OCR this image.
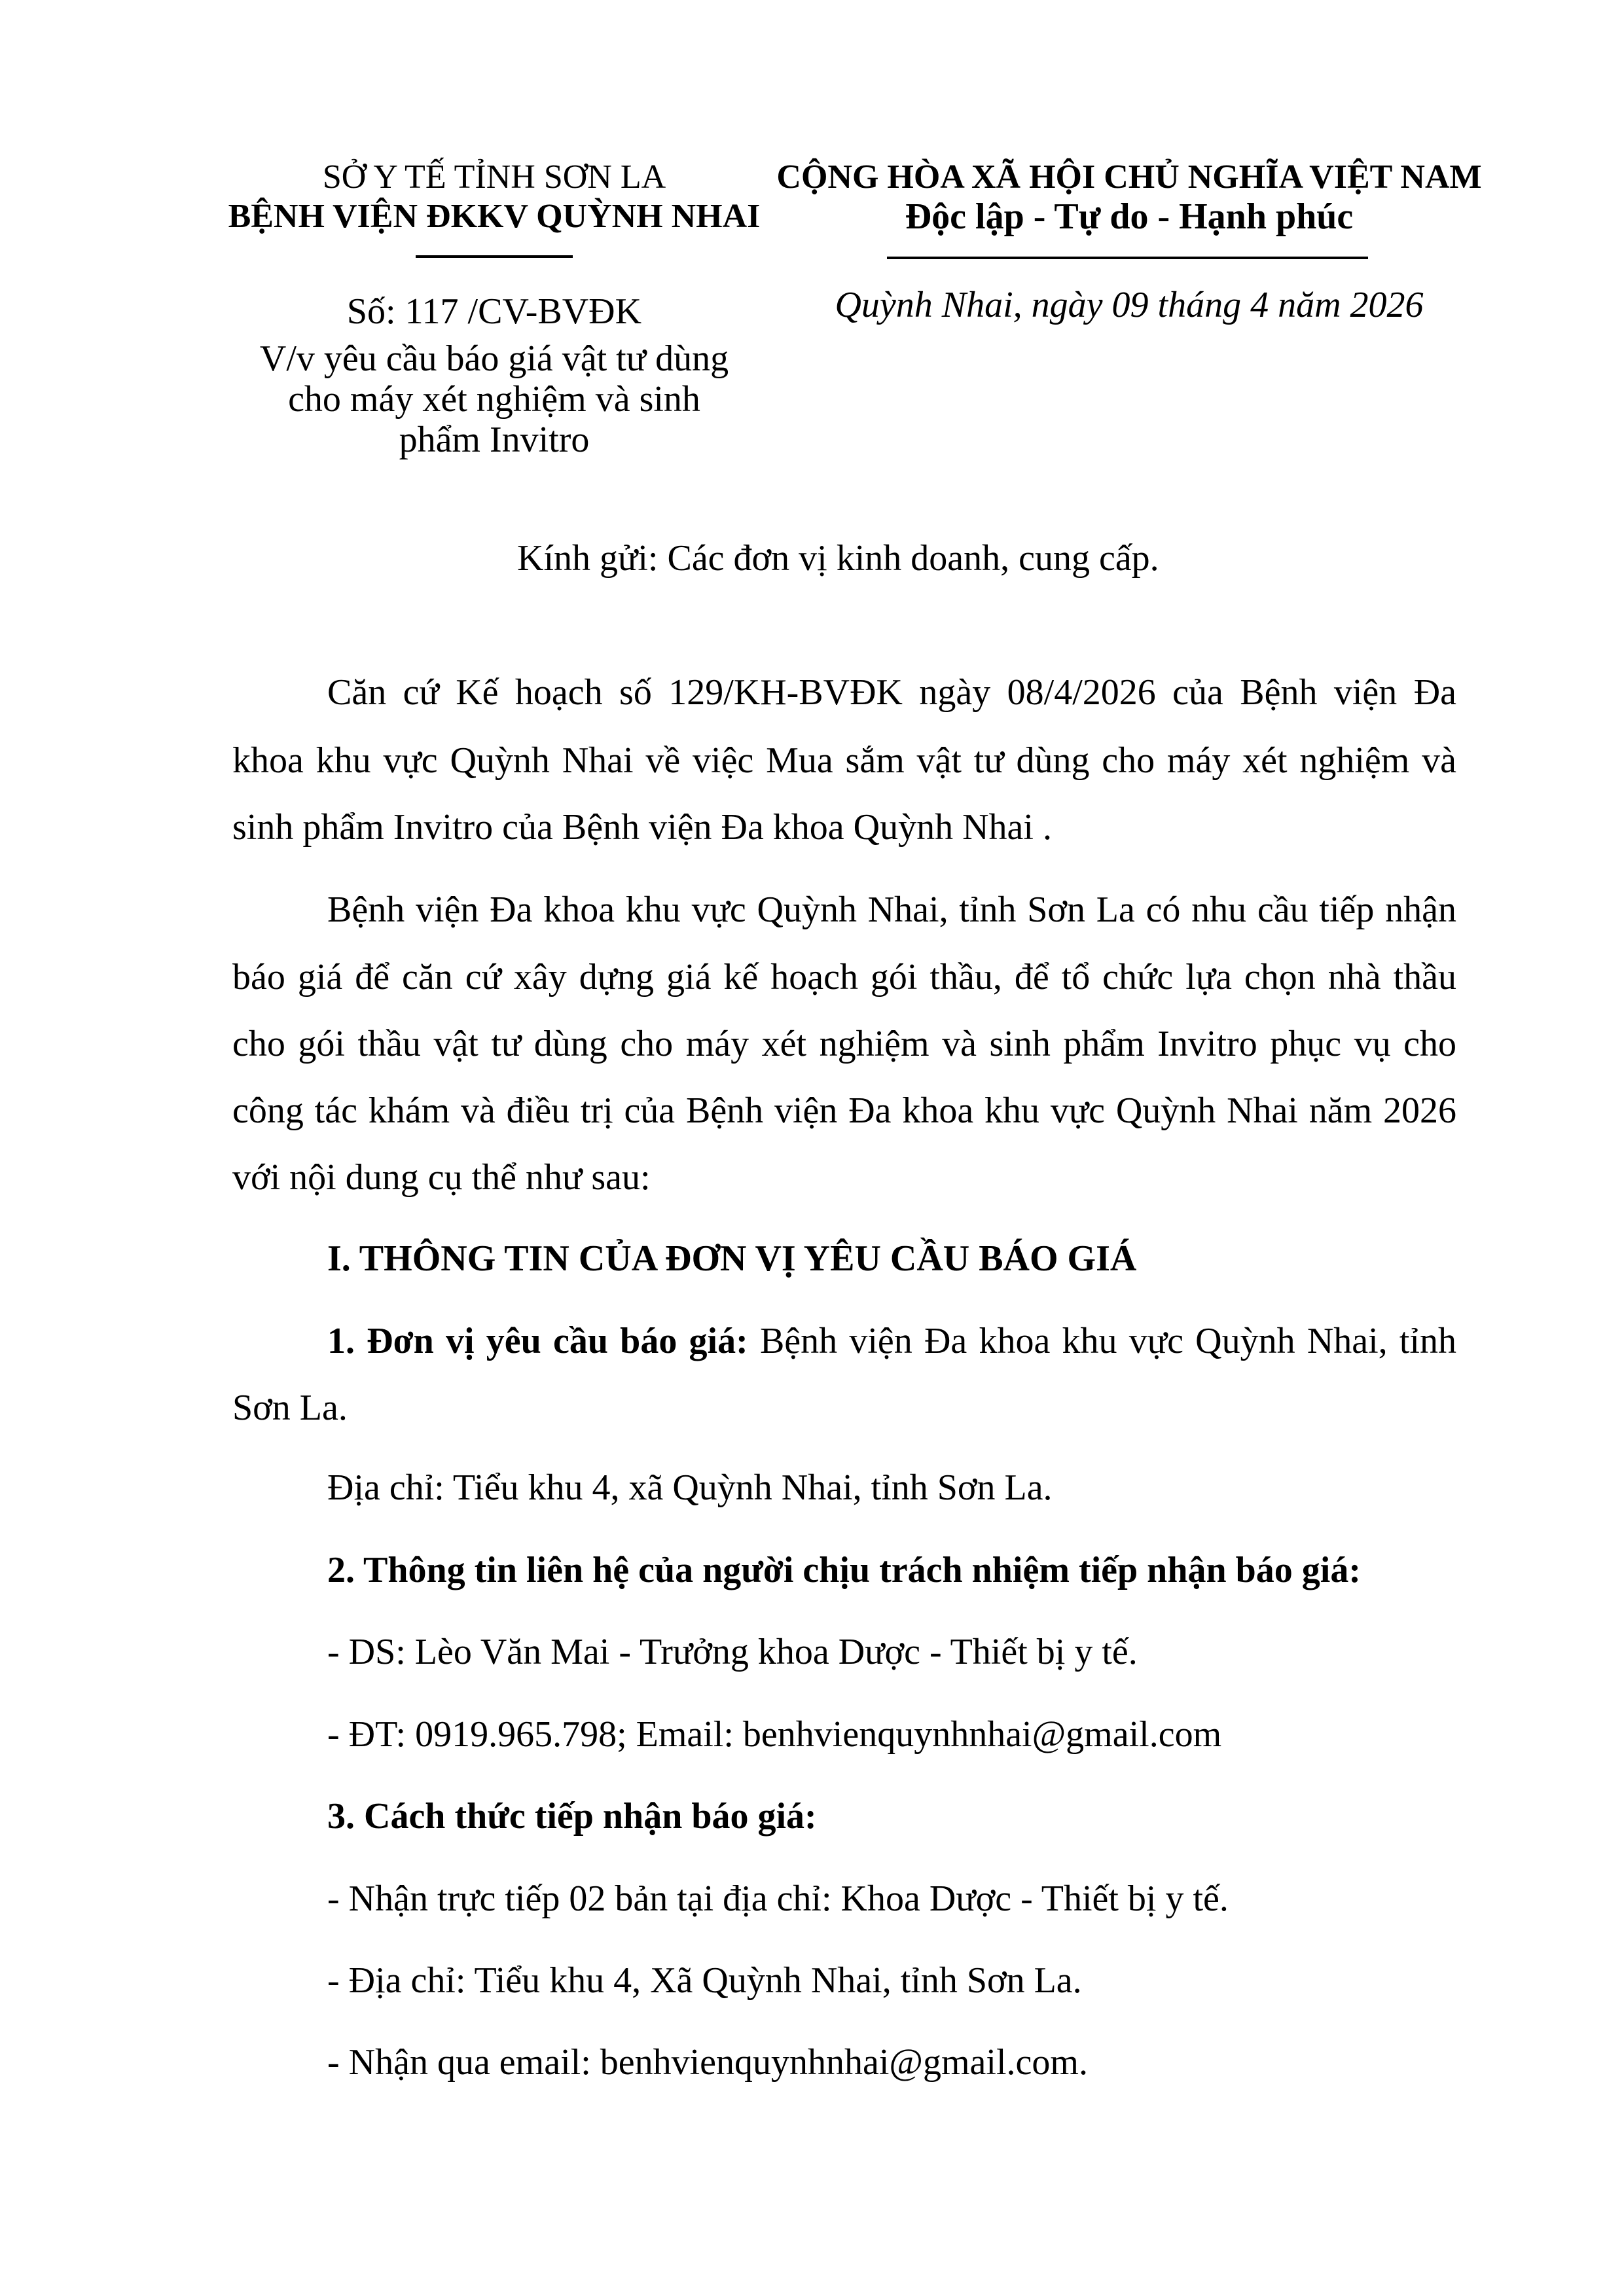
SỞ Y TẾ TỈNH SƠN LA
BỆNH VIỆN ĐKKV QUỲNH NHAI
Số: 117 /CV-BVĐK
V/v yêu cầu báo giá vật tư dùng
cho máy xét nghiệm và sinh
phẩm Invitro
CỘNG HÒA XÃ HỘI CHỦ NGHĨA VIỆT NAM
Độc lập - Tự do - Hạnh phúc
Quỳnh Nhai, ngày 09 tháng 4 năm 2026
Kính gửi: Các đơn vị kinh doanh, cung cấp.
Căn cứ Kế hoạch số 129/KH-BVĐK ngày 08/4/2026 của Bệnh viện Đa
khoa khu vực Quỳnh Nhai về việc Mua sắm vật tư dùng cho máy xét nghiệm và
sinh phẩm Invitro của Bệnh viện Đa khoa Quỳnh Nhai .
Bệnh viện Đa khoa khu vực Quỳnh Nhai, tỉnh Sơn La có nhu cầu tiếp nhận
báo giá để căn cứ xây dựng giá kế hoạch gói thầu, để tổ chức lựa chọn nhà thầu
cho gói thầu vật tư dùng cho máy xét nghiệm và sinh phẩm Invitro phục vụ cho
công tác khám và điều trị của Bệnh viện Đa khoa khu vực Quỳnh Nhai năm 2026
với nội dung cụ thể như sau:
I. THÔNG TIN CỦA ĐƠN VỊ YÊU CẦU BÁO GIÁ
1. Đơn vị yêu cầu báo giá: Bệnh viện Đa khoa khu vực Quỳnh Nhai, tỉnh
Sơn La.
Địa chỉ: Tiểu khu 4, xã Quỳnh Nhai, tỉnh Sơn La.
2. Thông tin liên hệ của người chịu trách nhiệm tiếp nhận báo giá:
- DS: Lèo Văn Mai - Trưởng khoa Dược - Thiết bị y tế.
- ĐT: 0919.965.798; Email: benhvienquynhnhai@gmail.com
3. Cách thức tiếp nhận báo giá:
- Nhận trực tiếp 02 bản tại địa chỉ: Khoa Dược - Thiết bị y tế.
- Địa chỉ: Tiểu khu 4, Xã Quỳnh Nhai, tỉnh Sơn La.
- Nhận qua email: benhvienquynhnhai@gmail.com.
